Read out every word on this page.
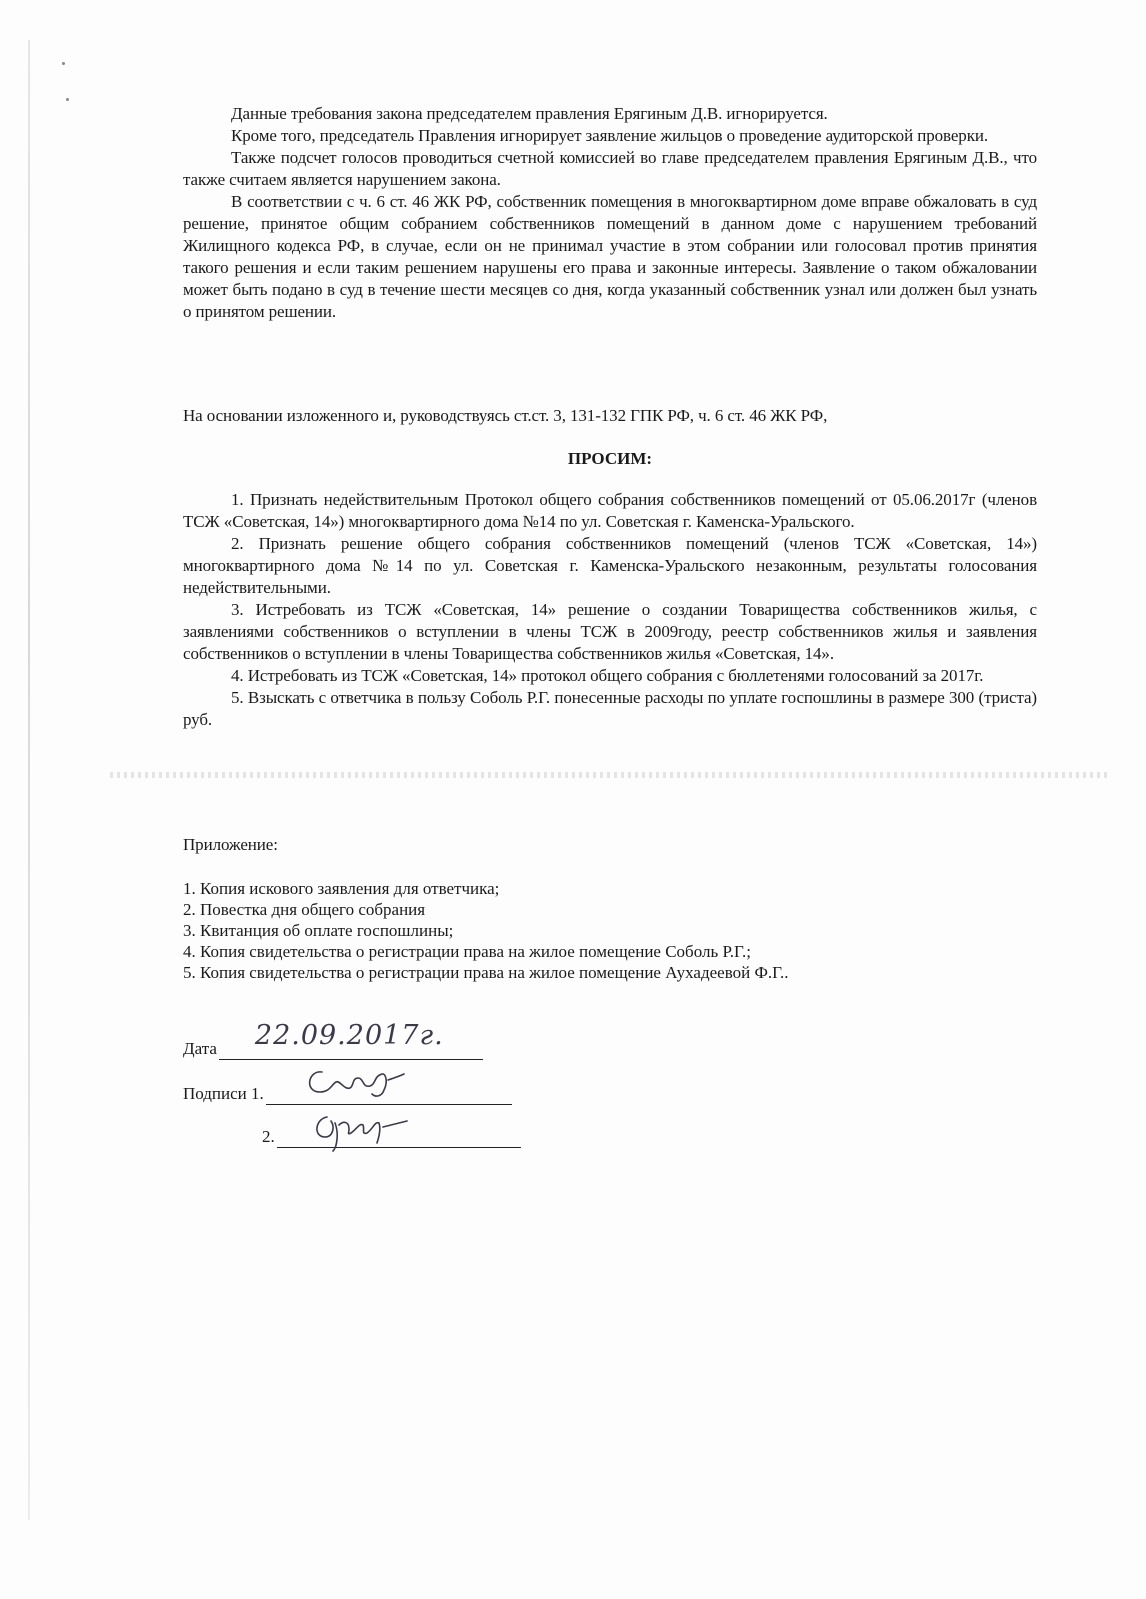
Данные требования закона председателем правления Ерягиным Д.В. игнорируется.

Кроме того, председатель Правления игнорирует заявление жильцов о проведение аудиторской проверки.

Также подсчет голосов проводиться счетной комиссией во главе председателем правления Ерягиным Д.В., что также считаем является нарушением закона.

В соответствии с ч. 6 ст. 46 ЖК РФ, собственник помещения в многоквартирном доме вправе обжаловать в суд решение, принятое общим собранием собственников помещений в данном доме с нарушением требований Жилищного кодекса РФ, в случае, если он не принимал участие в этом собрании или голосовал против принятия такого решения и если таким решением нарушены его права и законные интересы. Заявление о таком обжаловании может быть подано в суд в течение шести месяцев со дня, когда указанный собственник узнал или должен был узнать о принятом решении.

На основании изложенного и, руководствуясь ст.ст. 3, 131-132 ГПК РФ, ч. 6 ст. 46 ЖК РФ,

ПРОСИМ:

1. Признать недействительным Протокол общего собрания собственников помещений от 05.06.2017г (членов ТСЖ «Советская, 14») многоквартирного дома №14 по ул. Советская г. Каменска-Уральского.

2. Признать решение общего собрания собственников помещений (членов ТСЖ «Советская, 14») многоквартирного дома №14 по ул. Советская г. Каменска-Уральского незаконным, результаты голосования недействительными.

3. Истребовать из ТСЖ «Советская, 14» решение о создании Товарищества собственников жилья, с заявлениями собственников о вступлении в члены ТСЖ в 2009году, реестр собственников жилья и заявления собственников о вступлении в члены Товарищества собственников жилья «Советская, 14».

4. Истребовать из ТСЖ «Советская, 14» протокол общего собрания с бюллетенями голосований за 2017г.

5. Взыскать с ответчика в пользу Соболь Р.Г. понесенные расходы по уплате госпошлины в размере 300 (триста) руб.

Приложение:

1. Копия искового заявления для ответчика;

2. Повестка дня общего собрания

3. Квитанция об оплате госпошлины;

4. Копия свидетельства о регистрации права на жилое помещение Соболь Р.Г.;

5. Копия свидетельства о регистрации права на жилое помещение Аухадеевой Ф.Г..

Дата 22.09.2017г.
Подписи 1.
2.
